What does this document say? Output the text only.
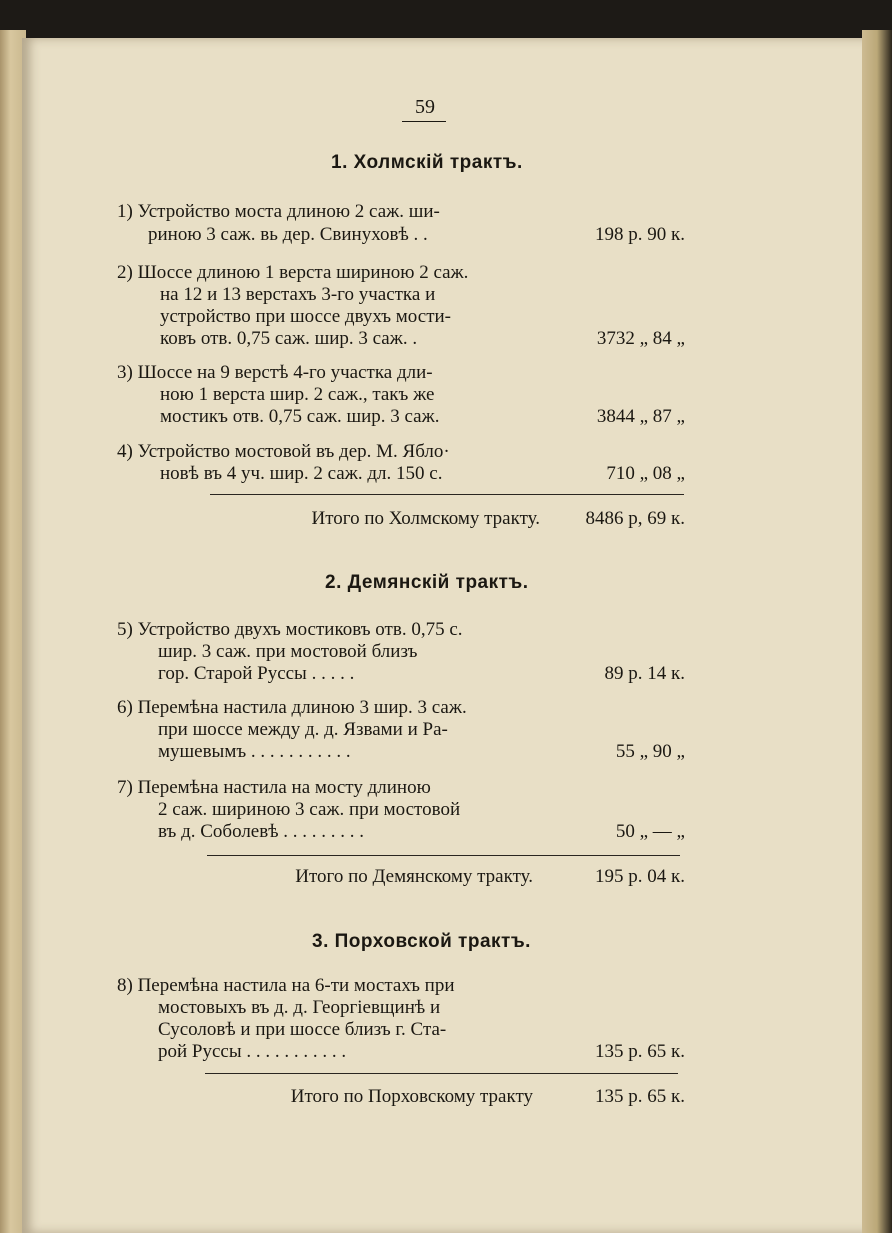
59
1. Холмскій трактъ.
1) Устройство моста длиною 2 саж. ши-
риною 3 саж. вь дер. Свинуховѣ . .	198 р. 90 к.
2) Шоссе длиною 1 верста шириною 2 саж.
на 12 и 13 верстахъ 3-го участка и
устройство при шоссе двухъ мости-
ковъ отв. 0,75 саж. шир. 3 саж. .	3732 „ 84 „
3) Шоссе на 9 верстѣ 4-го участка дли-
ною 1 верста шир. 2 саж., такъ же
мостикъ отв. 0,75 саж. шир. 3 саж.	3844 „ 87 „
4) Устройство мостовой въ дер. М. Ябло·
новѣ въ 4 уч. шир. 2 саж. дл. 150 с.	710 „ 08 „
Итого по Холмскому тракту.	8486 р, 69 к.
2. Демянскій трактъ.
5) Устройство двухъ мостиковъ отв. 0,75 с.
шир. 3 саж. при мостовой близъ
гор. Старой Руссы . . . . .	89 р. 14 к.
6) Перемѣна настила длиною 3 шир. 3 саж.
при шоссе между д. д. Язвами и Ра-
мушевымъ . . . . . . . . . . .	55 „ 90 „
7) Перемѣна настила на мосту длиною
2 саж. шириною 3 саж. при мостовой
въ д. Соболевѣ . . . . . . . . .	50 „ — „
Итого по Демянскому тракту.	195 р. 04 к.
3. Порховской трактъ.
8) Перемѣна настила на 6-ти мостахъ при
мостовыхъ въ д. д. Георгіевщинѣ и
Сусоловѣ и при шоссе близъ г. Ста-
рой Руссы . . . . . . . . . . .	135 р. 65 к.
Итого по Порховскому тракту	135 р. 65 к.
